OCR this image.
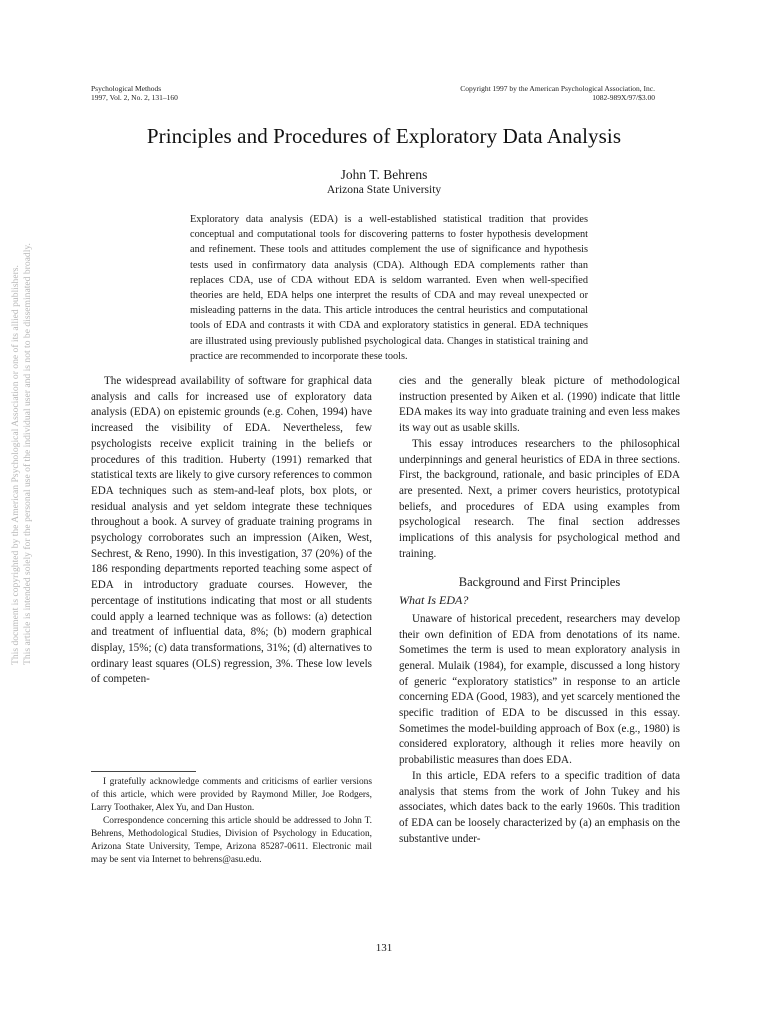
Psychological Methods
1997, Vol. 2, No. 2, 131–160
Copyright 1997 by the American Psychological Association, Inc.
1082-989X/97/$3.00
Principles and Procedures of Exploratory Data Analysis
John T. Behrens
Arizona State University
Exploratory data analysis (EDA) is a well-established statistical tradition that provides conceptual and computational tools for discovering patterns to foster hypothesis development and refinement. These tools and attitudes complement the use of significance and hypothesis tests used in confirmatory data analysis (CDA). Although EDA complements rather than replaces CDA, use of CDA without EDA is seldom warranted. Even when well-specified theories are held, EDA helps one interpret the results of CDA and may reveal unexpected or misleading patterns in the data. This article introduces the central heuristics and computational tools of EDA and contrasts it with CDA and exploratory statistics in general. EDA techniques are illustrated using previously published psychological data. Changes in statistical training and practice are recommended to incorporate these tools.

The widespread availability of software for graphical data analysis and calls for increased use of exploratory data analysis (EDA) on epistemic grounds (e.g. Cohen, 1994) have increased the visibility of EDA. Nevertheless, few psychologists receive explicit training in the beliefs or procedures of this tradition. Huberty (1991) remarked that statistical texts are likely to give cursory references to common EDA techniques such as stem-and-leaf plots, box plots, or residual analysis and yet seldom integrate these techniques throughout a book. A survey of graduate training programs in psychology corroborates such an impression (Aiken, West, Sechrest, & Reno, 1990). In this investigation, 37 (20%) of the 186 responding departments reported teaching some aspect of EDA in introductory graduate courses. However, the percentage of institutions indicating that most or all students could apply a learned technique was as follows: (a) detection and treatment of influential data, 8%; (b) modern graphical display, 15%; (c) data transformations, 31%; (d) alternatives to ordinary least squares (OLS) regression, 3%. These low levels of competen-

cies and the generally bleak picture of methodological instruction presented by Aiken et al. (1990) indicate that little EDA makes its way into graduate training and even less makes its way out as usable skills.

This essay introduces researchers to the philosophical underpinnings and general heuristics of EDA in three sections. First, the background, rationale, and basic principles of EDA are presented. Next, a primer covers heuristics, prototypical beliefs, and procedures of EDA using examples from psychological research. The final section addresses implications of this analysis for psychological method and training.

Background and First Principles

What Is EDA?

Unaware of historical precedent, researchers may develop their own definition of EDA from denotations of its name. Sometimes the term is used to mean exploratory analysis in general. Mulaik (1984), for example, discussed a long history of generic “exploratory statistics” in response to an article concerning EDA (Good, 1983), and yet scarcely mentioned the specific tradition of EDA to be discussed in this essay. Sometimes the model-building approach of Box (e.g., 1980) is considered exploratory, although it relies more heavily on probabilistic measures than does EDA.

In this article, EDA refers to a specific tradition of data analysis that stems from the work of John Tukey and his associates, which dates back to the early 1960s. This tradition of EDA can be loosely characterized by (a) an emphasis on the substantive under-

I gratefully acknowledge comments and criticisms of earlier versions of this article, which were provided by Raymond Miller, Joe Rodgers, Larry Toothaker, Alex Yu, and Dan Huston.

Correspondence concerning this article should be addressed to John T. Behrens, Methodological Studies, Division of Psychology in Education, Arizona State University, Tempe, Arizona 85287-0611. Electronic mail may be sent via Internet to behrens@asu.edu.

131
This document is copyrighted by the American Psychological Association or one of its allied publishers. This article is intended solely for the personal use of the individual user and is not to be disseminated broadly.
